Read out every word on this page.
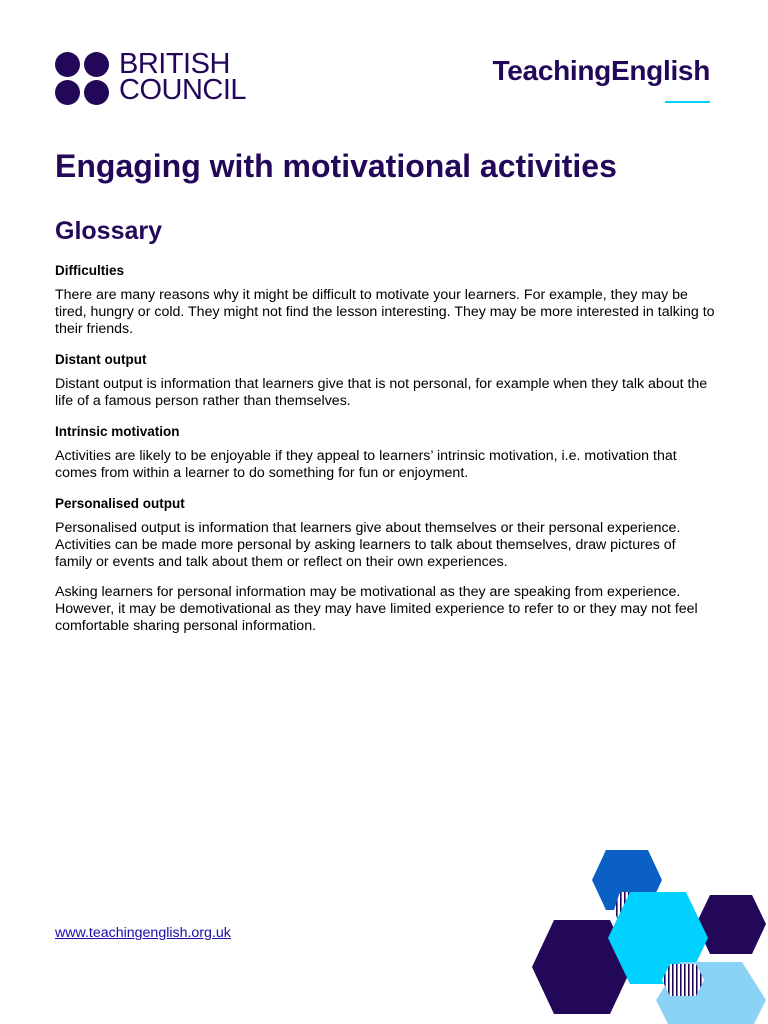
BRITISH
COUNCIL
TeachingEnglish
Engaging with motivational activities
Glossary

Difficulties

There are many reasons why it might be difficult to motivate your learners. For example, they may be tired, hungry or cold. They might not find the lesson interesting. They may be more interested in talking to their friends.

Distant output

Distant output is information that learners give that is not personal, for example when they talk about the life of a famous person rather than themselves.

Intrinsic motivation

Activities are likely to be enjoyable if they appeal to learners’ intrinsic motivation, i.e. motivation that comes from within a learner to do something for fun or enjoyment.

Personalised output

Personalised output is information that learners give about themselves or their personal experience. Activities can be made more personal by asking learners to talk about themselves, draw pictures of family or events and talk about them or reflect on their own experiences.

Asking learners for personal information may be motivational as they are speaking from experience. However, it may be demotivational as they may have limited experience to refer to or they may not feel comfortable sharing personal information.

www.teachingenglish.org.uk
